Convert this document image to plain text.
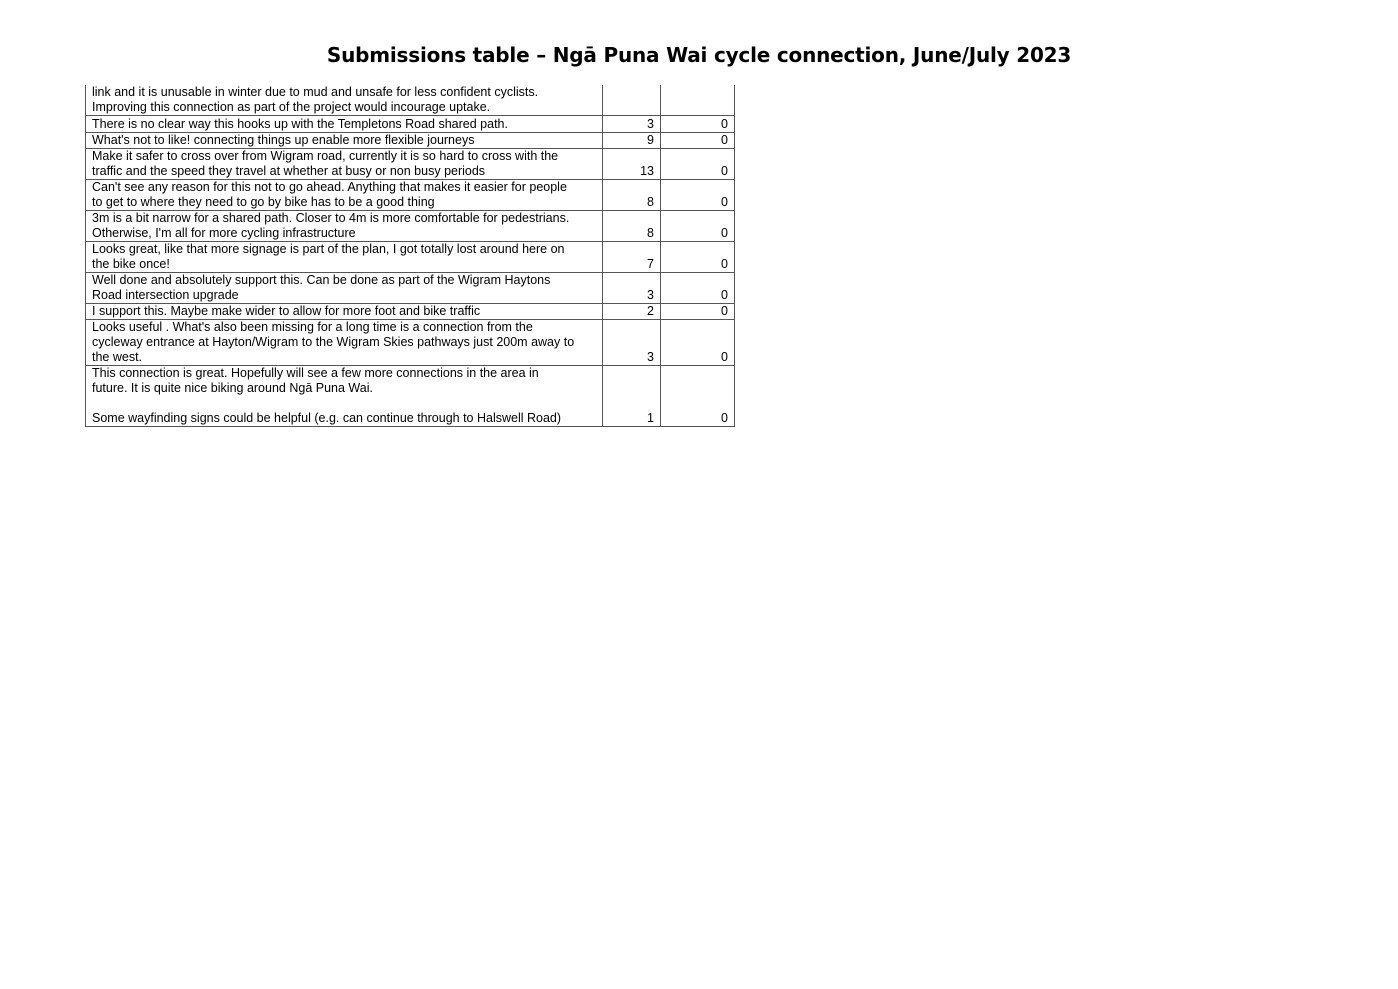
Submissions table – Ngā Puna Wai cycle connection, June/July 2023
link and it is unusable in winter due to mud and unsafe for less confident cyclists.
Improving this connection as part of the project would incourage uptake.		
There is no clear way this hooks up with the Templetons Road shared path.	3	0
What's not to like! connecting things up enable more flexible journeys	9	0
Make it safer to cross over from Wigram road, currently it is so hard to cross with the
traffic and the speed they travel at whether at busy or non busy periods	13	0
Can't see any reason for this not to go ahead. Anything that makes it easier for people
to get to where they need to go by bike has to be a good thing	8	0
3m is a bit narrow for a shared path. Closer to 4m is more comfortable for pedestrians.
Otherwise, I'm all for more cycling infrastructure	8	0
Looks great, like that more signage is part of the plan, I got totally lost around here on
the bike once!	7	0
Well done and absolutely support this. Can be done as part of the Wigram Haytons
Road intersection upgrade	3	0
I support this. Maybe make wider to allow for more foot and bike traffic	2	0
Looks useful . What's also been missing for a long time is a connection from the
cycleway entrance at Hayton/Wigram to the Wigram Skies pathways just 200m away to
the west.	3	0
This connection is great. Hopefully will see a few more connections in the area in
future. It is quite nice biking around Ngā Puna Wai.

Some wayfinding signs could be helpful (e.g. can continue through to Halswell Road)	1	0
